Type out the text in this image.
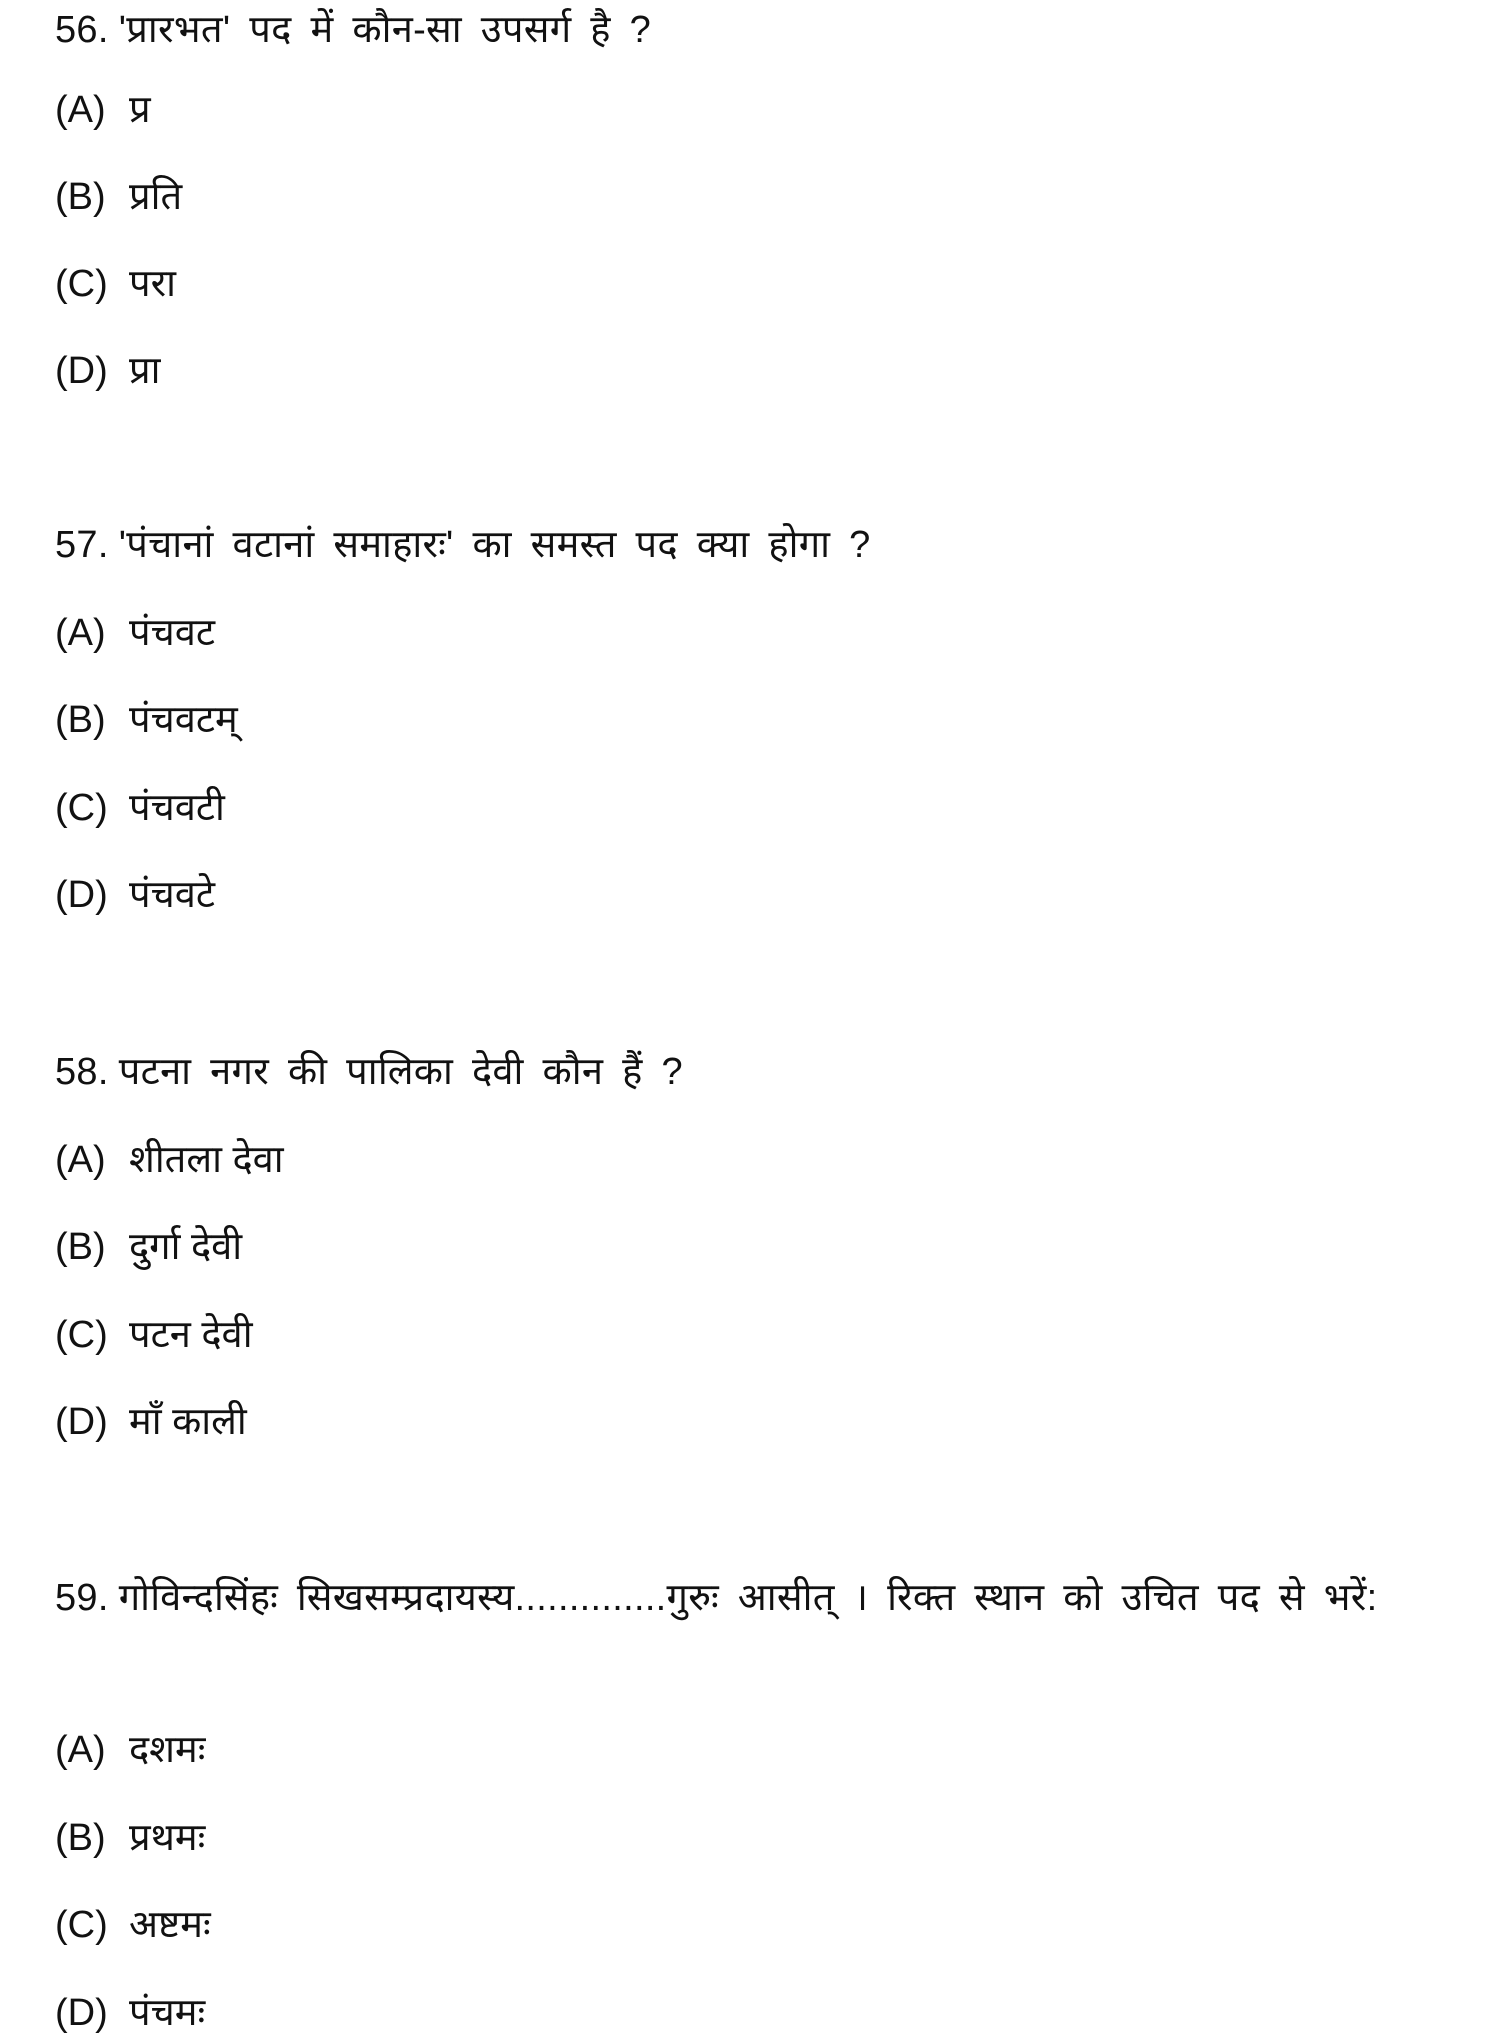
56. 'प्रारभत' पद में कौन-सा उपसर्ग है ?

(A) प्र
(B) प्रति
(C) परा
(D) प्रा

57. 'पंचानां वटानां समाहारः' का समस्त पद क्या होगा ?

(A) पंचवट
(B) पंचवटम्
(C) पंचवटी
(D) पंचवटे

58. पटना नगर की पालिका देवी कौन हैं ?

(A) शीतला देवा
(B) दुर्गा देवी
(C) पटन देवी
(D) माँ काली

59. गोविन्दसिंहः सिखसम्प्रदायस्य..............गुरुः आसीत् । रिक्त स्थान को उचित पद से भरें:

(A) दशमः
(B) प्रथमः
(C) अष्टमः
(D) पंचमः
